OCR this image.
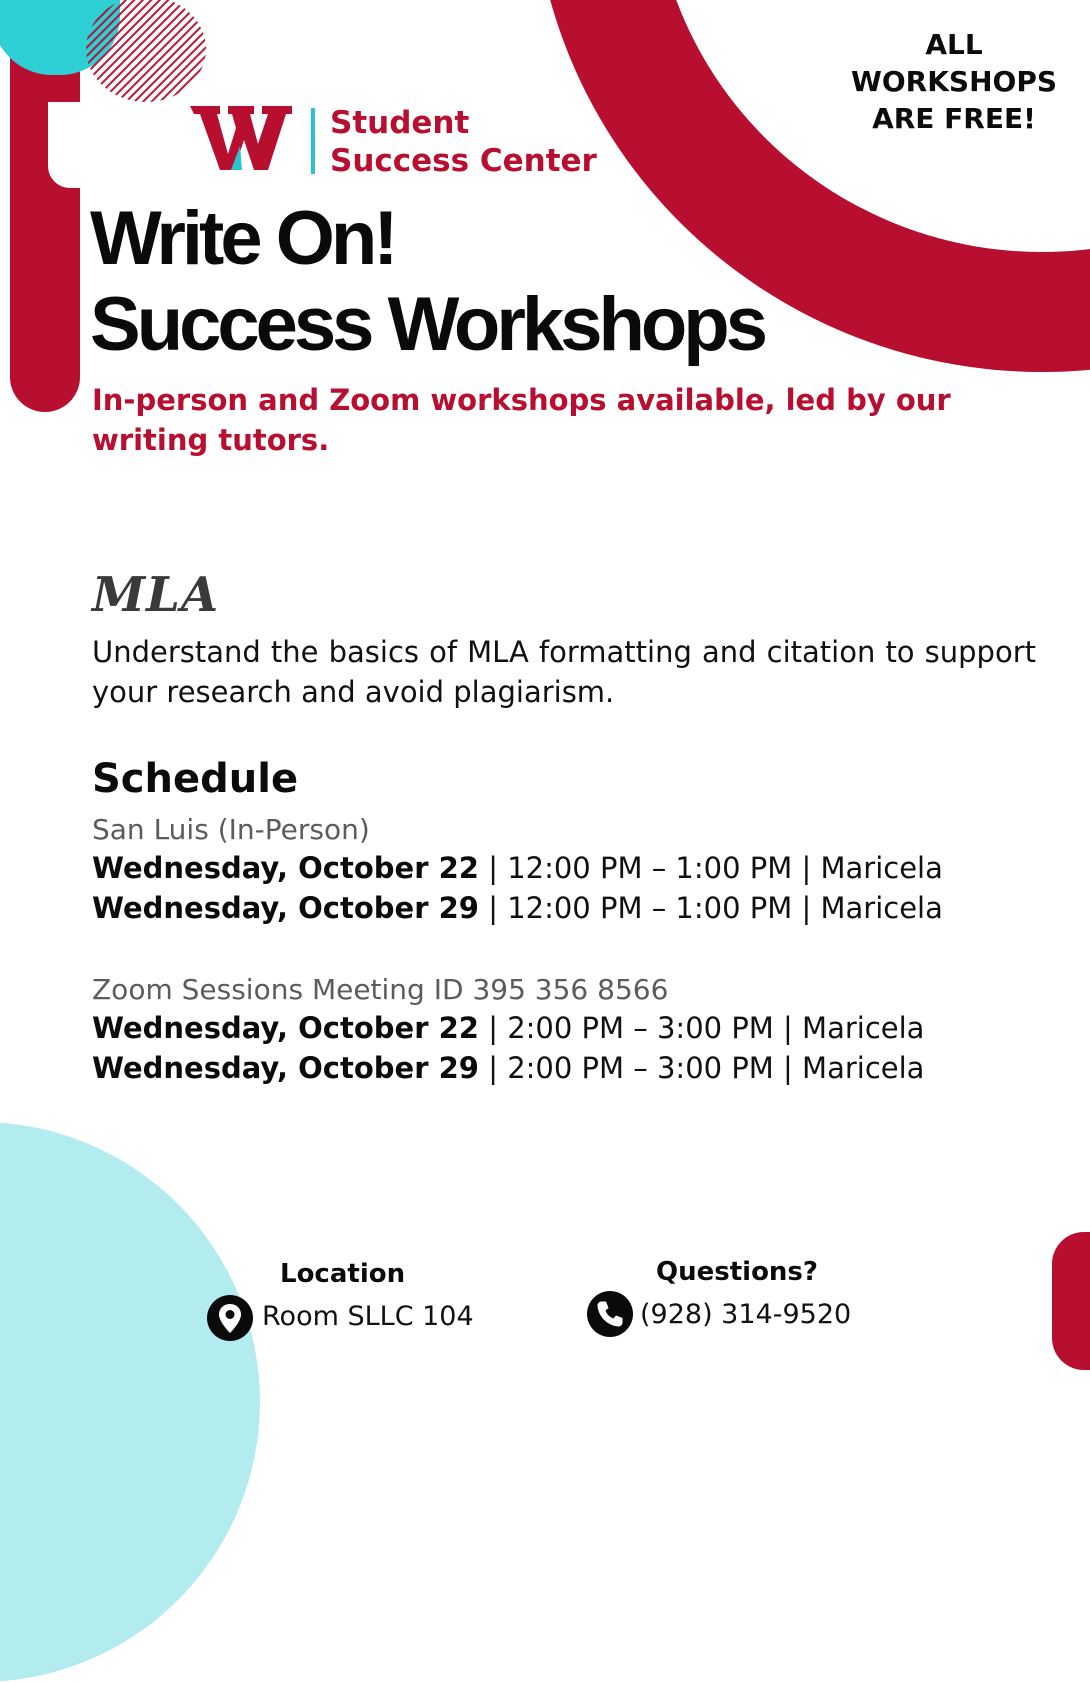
ALL
WORKSHOPS
ARE FREE!
Student
Success Center
Write On!
Success Workshops
In-person and Zoom workshops available, led by our writing tutors.
MLA
Understand the basics of MLA formatting and citation to support your research and avoid plagiarism.
Schedule
San Luis (In-Person)
Wednesday, October 22 | 12:00 PM – 1:00 PM | Maricela
Wednesday, October 29 | 12:00 PM – 1:00 PM | Maricela
Zoom Sessions Meeting ID 395 356 8566
Wednesday, October 22 | 2:00 PM – 3:00 PM | Maricela
Wednesday, October 29 | 2:00 PM – 3:00 PM | Maricela
Location
Room SLLC 104
Questions?
(928) 314-9520
